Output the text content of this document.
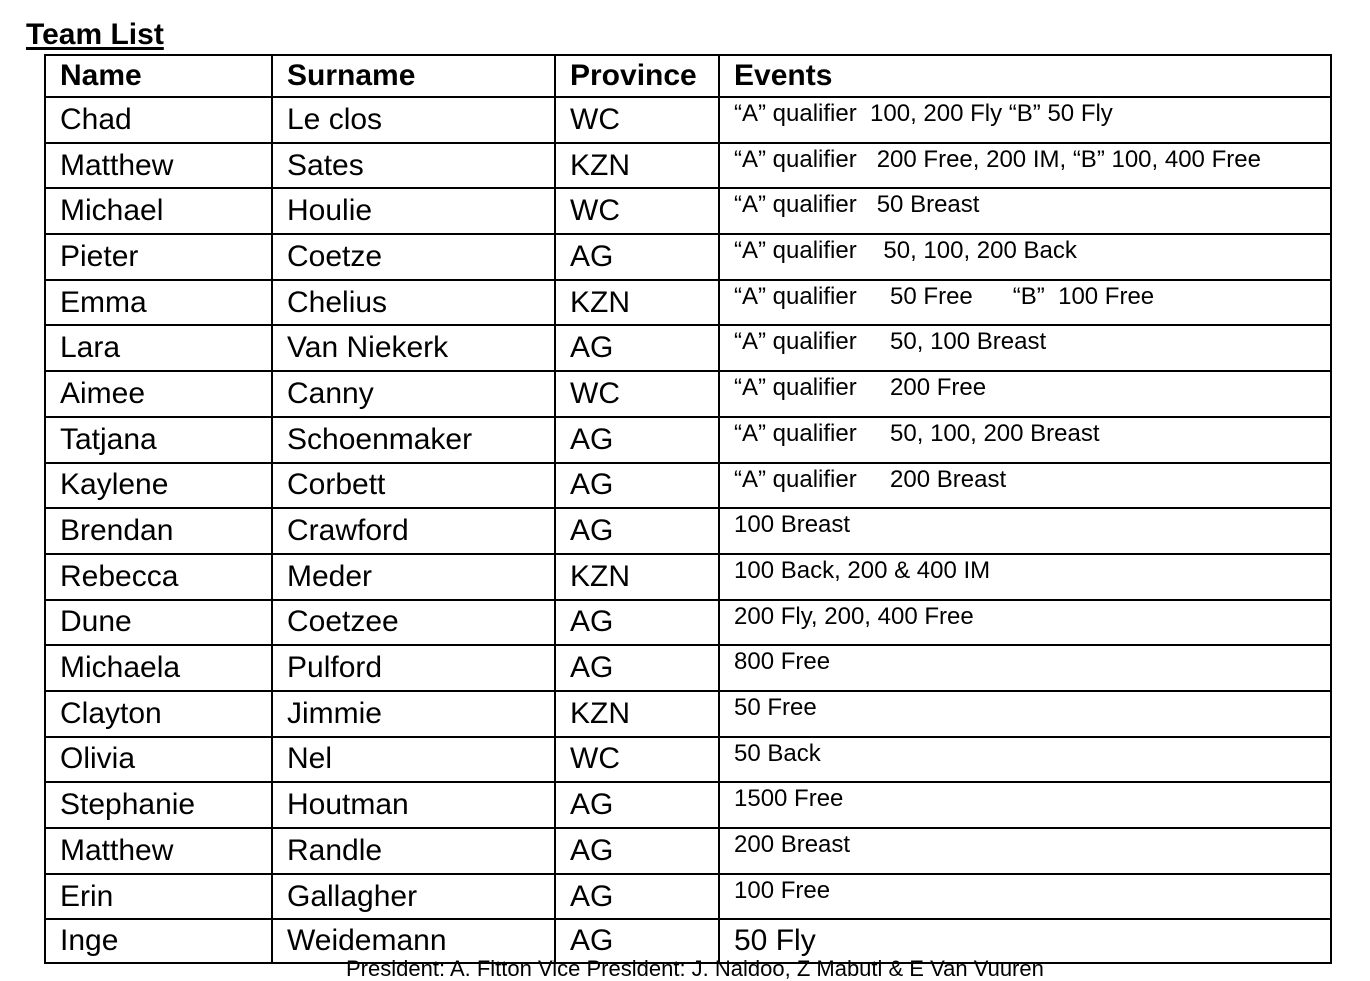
Team List
Name	Surname	Province	Events
Chad	Le clos	WC	“A” qualifier  100, 200 Fly “B” 50 Fly
Matthew	Sates	KZN	“A” qualifier   200 Free, 200 IM, “B” 100, 400 Free
Michael	Houlie	WC	“A” qualifier   50 Breast
Pieter	Coetze	AG	“A” qualifier    50, 100, 200 Back
Emma	Chelius	KZN	“A” qualifier     50 Free      “B”  100 Free
Lara	Van Niekerk	AG	“A” qualifier     50, 100 Breast
Aimee	Canny	WC	“A” qualifier     200 Free
Tatjana	Schoenmaker	AG	“A” qualifier     50, 100, 200 Breast
Kaylene	Corbett	AG	“A” qualifier     200 Breast
Brendan	Crawford	AG	100 Breast
Rebecca	Meder	KZN	100 Back, 200 & 400 IM
Dune	Coetzee	AG	200 Fly, 200, 400 Free
Michaela	Pulford	AG	800 Free
Clayton	Jimmie	KZN	50 Free
Olivia	Nel	WC	50 Back
Stephanie	Houtman	AG	1500 Free
Matthew	Randle	AG	200 Breast
Erin	Gallagher	AG	100 Free
Inge	Weidemann	AG	50 Fly
President: A. Fitton Vice President: J. Naidoo, Z Mabuti & E Van Vuuren
